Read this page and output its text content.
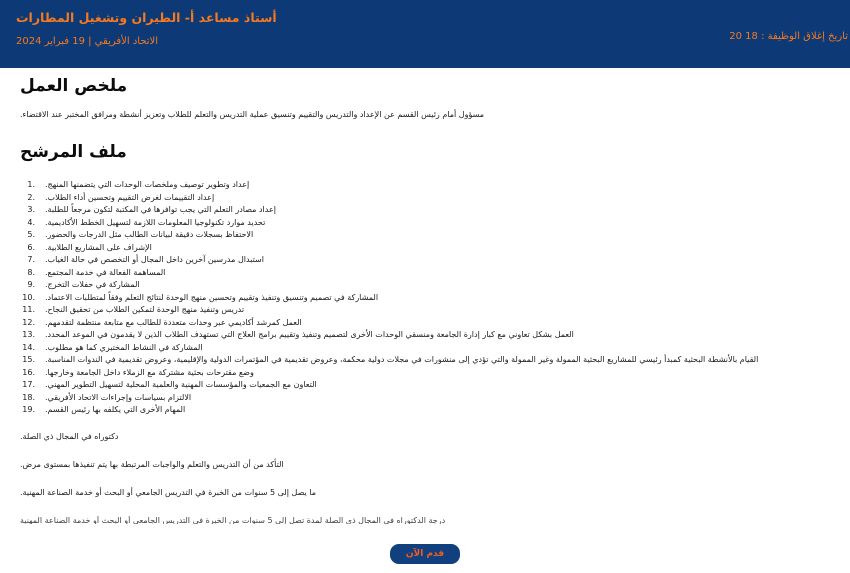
أستاذ مساعد أ- الطيران وتشغيل المطارات
الاتحاد الأفريقي | 19 فبراير 2024	تاريخ إغلاق الوظيفة : 18 20
ملخص العمل
مسؤول أمام رئيس القسم عن الإعداد والتدريس والتقييم وتنسيق عملية التدريس والتعلم للطلاب وتعزيز أنشطة ومرافق المختبر عند الاقتضاء.
ملف المرشح
1. إعداد وتطوير توصيف وملخصات الوحدات التي يتضمنها المنهج.
2. إعداد التقييمات لغرض التقييم وتحسين أداء الطلاب.
3. إعداد مصادر التعلم التي يجب توافرها في المكتبة لتكون مرجعاً للطلبة.
4. تحديد موارد تكنولوجيا المعلومات اللازمة لتسهيل الخطط الأكاديمية.
5. الاحتفاظ بسجلات دقيقة لبيانات الطالب مثل الدرجات والحضور.
6. الإشراف على المشاريع الطلابية.
7. استبدال مدرسين آخرين داخل المجال أو التخصص في حالة الغياب.
8. المساهمة الفعالة في خدمة المجتمع.
9. المشاركة في حفلات التخرج.
10. المشاركة في تصميم وتنسيق وتنفيذ وتقييم وتحسين منهج الوحدة لنتائج التعلم وفقاً لمتطلبات الاعتماد.
11. تدريس وتنفيذ منهج الوحدة لتمكين الطلاب من تحقيق النجاح.
12. العمل كمرشد أكاديمي عبر وحدات متعددة للطالب مع متابعة منتظمة لتقدمهم.
13. العمل بشكل تعاوني مع كبار إدارة الجامعة ومنسقي الوحدات الأخرى لتصميم وتنفيذ وتقييم برامج العلاج التي تستهدف الطلاب الذين لا يقدمون في الموعد المحدد.
14. المشاركة في النشاط المختبري كما هو مطلوب.
15. القيام بالأنشطة البحثية كمبدأ رئيسي للمشاريع البحثية الممولة وغير الممولة والتي تؤدي إلى منشورات في مجلات دولية محكمة، وعروض تقديمية في المؤتمرات الدولية والإقليمية، وعروض تقديمية في الندوات المناسبة.
16. وضع مقترحات بحثية مشتركة مع الزملاء داخل الجامعة وخارجها.
17. التعاون مع الجمعيات والمؤسسات المهنية والعلمية المحلية لتسهيل التطوير المهني.
18. الالتزام بسياسات وإجراءات الاتحاد الأفريقي.
19. المهام الأخرى التي يكلفه بها رئيس القسم.
دكتوراه في المجال ذي الصلة.
التأكد من أن التدريس والتعلم والواجبات المرتبطة بها يتم تنفيذها بمستوى مرض.
ما يصل إلى 5 سنوات من الخبرة في التدريس الجامعي أو البحث أو خدمة الصناعة المهنية.
درجة الدكتوراه في المجال ذي الصلة لمدة تصل إلى 5 سنوات من الخبرة في التدريس الجامعي أو البحث أو خدمة الصناعة المهنية
قدم الآن
